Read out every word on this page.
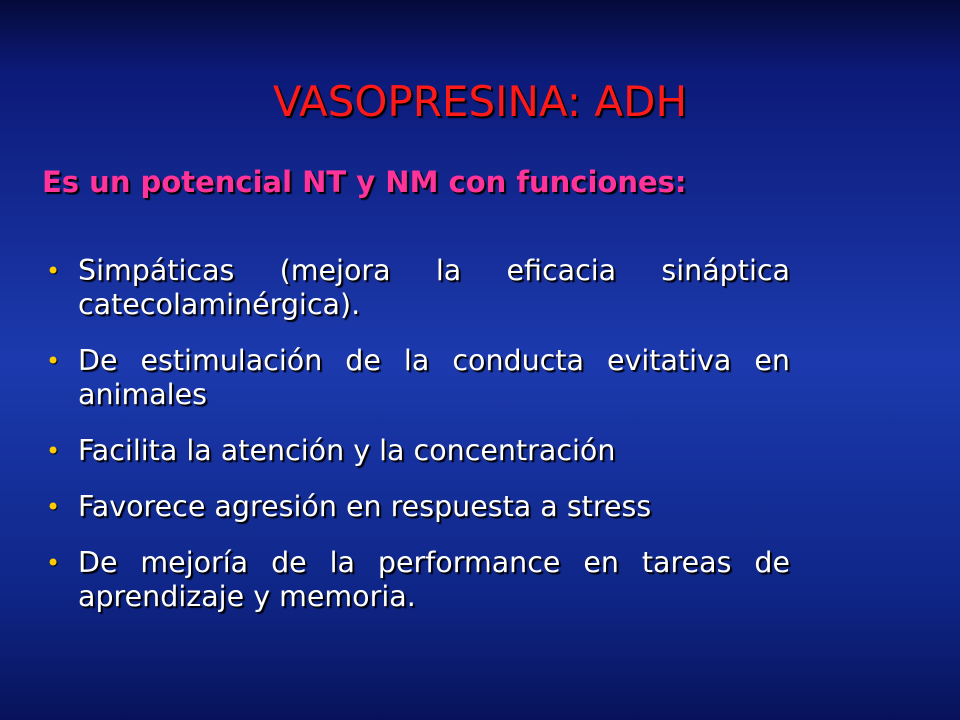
VASOPRESINA: ADH
Es un potencial NT y NM con funciones:
• Simpáticas (mejora la eficacia sináptica catecolaminérgica).
• De estimulación de la conducta evitativa en animales
• Facilita la atención y la concentración
• Favorece agresión en respuesta a stress
• De mejoría de la performance en tareas de aprendizaje y memoria.
